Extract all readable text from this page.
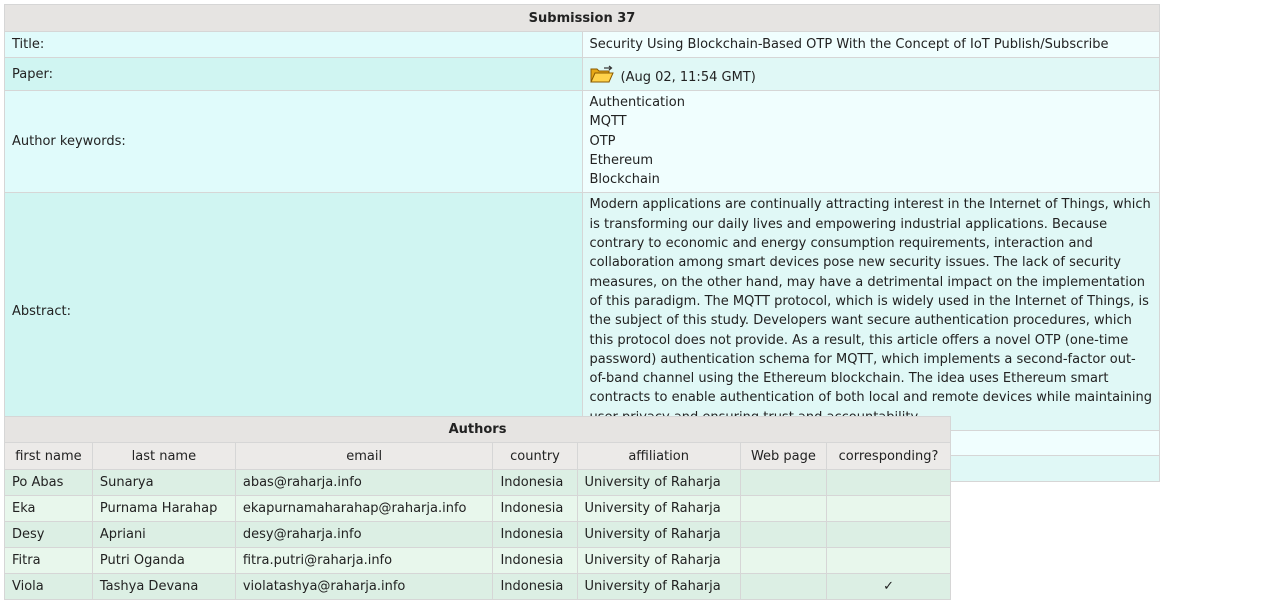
Submission 37	
Title:	Security Using Blockchain-Based OTP With the Concept of IoT Publish/Subscribe
Paper:	(Aug 02, 11:54 GMT)
Author keywords:	Authentication
MQTT
OTP
Ethereum
Blockchain

Abstract:	Modern applications are continually attracting interest in the Internet of Things, which is transforming our daily lives and empowering industrial applications. Because contrary to economic and energy consumption requirements, interaction and collaboration among smart devices pose new security issues. The lack of security measures, on the other hand, may have a detrimental impact on the implementation of this paradigm. The MQTT protocol, which is widely used in the Internet of Things, is the subject of this study. Developers want secure authentication procedures, which this protocol does not provide. As a result, this article offers a novel OTP (one-time password) authentication schema for MQTT, which implements a second-factor out-of-band channel using the Ethereum blockchain. The idea uses Ethereum smart contracts to enable authentication of both local and remote devices while maintaining

Authors						
first name	last name	email	country	affiliation	Web page	corresponding?
Po Abas	Sunarya	abas@raharja.info	Indonesia	University of Raharja		
Eka	Purnama Harahap	ekapurnamaharahap@raharja.info	Indonesia	University of Raharja		
Desy	Apriani	desy@raharja.info	Indonesia	University of Raharja		
Fitra	Putri Oganda	fitra.putri@raharja.info	Indonesia	University of Raharja		
Viola	Tashya Devana	violatashya@raharja.info	Indonesia	University of Raharja		✓
